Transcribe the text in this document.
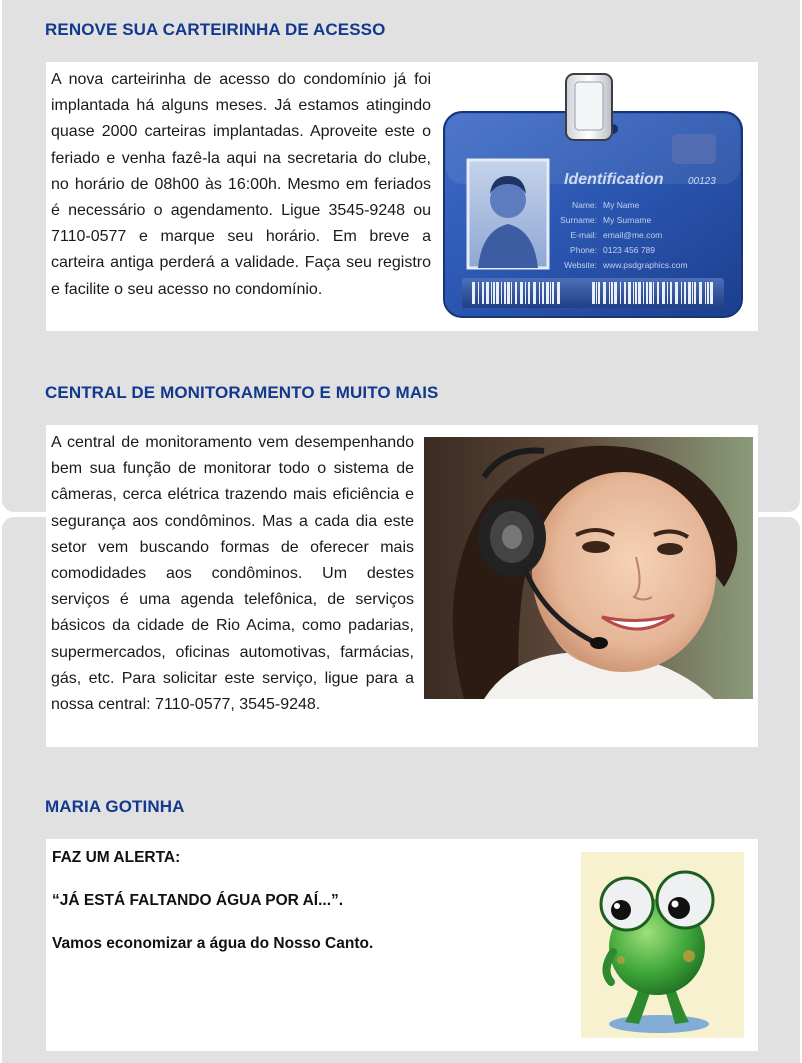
RENOVE SUA CARTEIRINHA DE ACESSO

A nova carteirinha de acesso do condomínio já foi implantada há alguns meses. Já estamos atingindo quase 2000 carteiras implantadas. Aproveite este o feriado e venha fazê-la aqui na secretaria do clube, no horário de 08h00 às 16:00h. Mesmo em feriados é necessário o agendamento. Ligue 3545-9248 ou 7110-0577 e marque seu horário. Em breve a carteira antiga perderá a validade. Faça seu registro e facilite o seu acesso no condomínio.

Identification 00123
Name: My Name
Surname: My Surname
E-mail: email@me.com
Phone: 0123 456 789
Website: www.psdgraphics.com
CENTRAL DE MONITORAMENTO E MUITO MAIS

A central de monitoramento vem desempenhando bem sua função de monitorar todo o sistema de câmeras, cerca elétrica trazendo mais eficiência e segurança aos condôminos. Mas a cada dia este setor vem buscando formas de oferecer mais comodidades aos condôminos. Um destes serviços é uma agenda telefônica, de serviços básicos da cidade de Rio Acima, como padarias, supermercados, oficinas automotivas, farmácias, gás, etc. Para solicitar este serviço, ligue para a nossa central: 7110-0577, 3545-9248.

MARIA GOTINHA

FAZ UM ALERTA:

“JÁ ESTÁ FALTANDO ÁGUA POR AÍ...”.

Vamos economizar a água do Nosso Canto.
